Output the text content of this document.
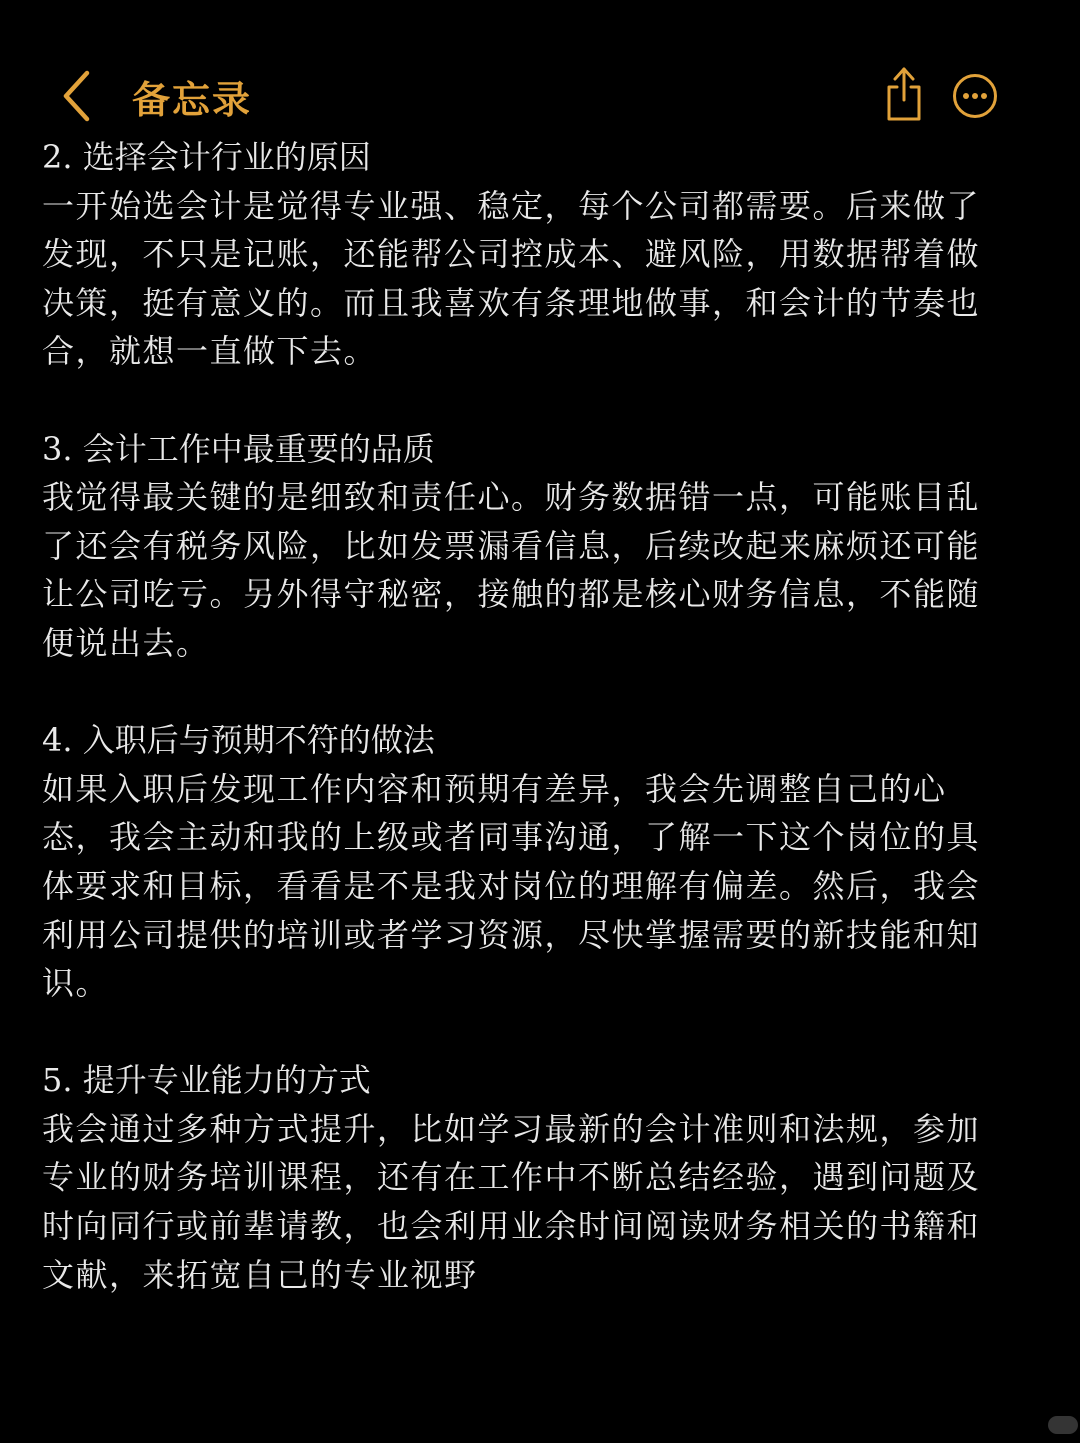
备忘录
2. 选择会计行业的原因
一开始选会计是觉得专业强、稳定，每个公司都需要。后来做了
发现，不只是记账，还能帮公司控成本、避风险，用数据帮着做
决策，挺有意义的。而且我喜欢有条理地做事，和会计的节奏也
合，就想一直做下去。
3. 会计工作中最重要的品质
我觉得最关键的是细致和责任心。财务数据错一点，可能账目乱
了还会有税务风险，比如发票漏看信息，后续改起来麻烦还可能
让公司吃亏。另外得守秘密，接触的都是核心财务信息，不能随
便说出去。
4. 入职后与预期不符的做法
如果入职后发现工作内容和预期有差异，我会先调整自己的心
态，我会主动和我的上级或者同事沟通，了解一下这个岗位的具
体要求和目标，看看是不是我对岗位的理解有偏差。然后，我会
利用公司提供的培训或者学习资源，尽快掌握需要的新技能和知
识。
5. 提升专业能力的方式
我会通过多种方式提升，比如学习最新的会计准则和法规，参加
专业的财务培训课程，还有在工作中不断总结经验，遇到问题及
时向同行或前辈请教，也会利用业余时间阅读财务相关的书籍和
文献，来拓宽自己的专业视野
